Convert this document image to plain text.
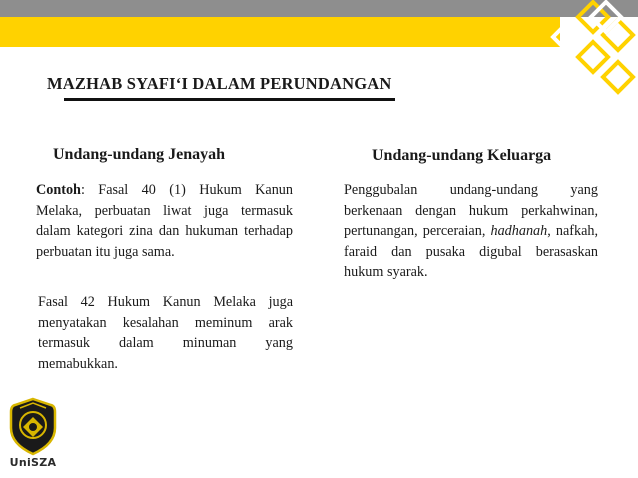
MAZHAB SYAFI‘I DALAM PERUNDANGAN
Undang-undang Jenayah	Undang-undang Keluarga
Contoh: Fasal 40 (1) Hukum Kanun Melaka, perbuatan liwat juga termasuk dalam kategori zina dan hukuman terhadap perbuatan itu juga sama.
Fasal 42 Hukum Kanun Melaka juga menyatakan kesalahan meminum arak termasuk dalam minuman yang memabukkan.
Penggubalan undang-undang yang berkenaan dengan hukum perkahwinan, pertunangan, perceraian, hadhanah, nafkah, faraid dan pusaka digubal berasaskan hukum syarak.
UniSZA
